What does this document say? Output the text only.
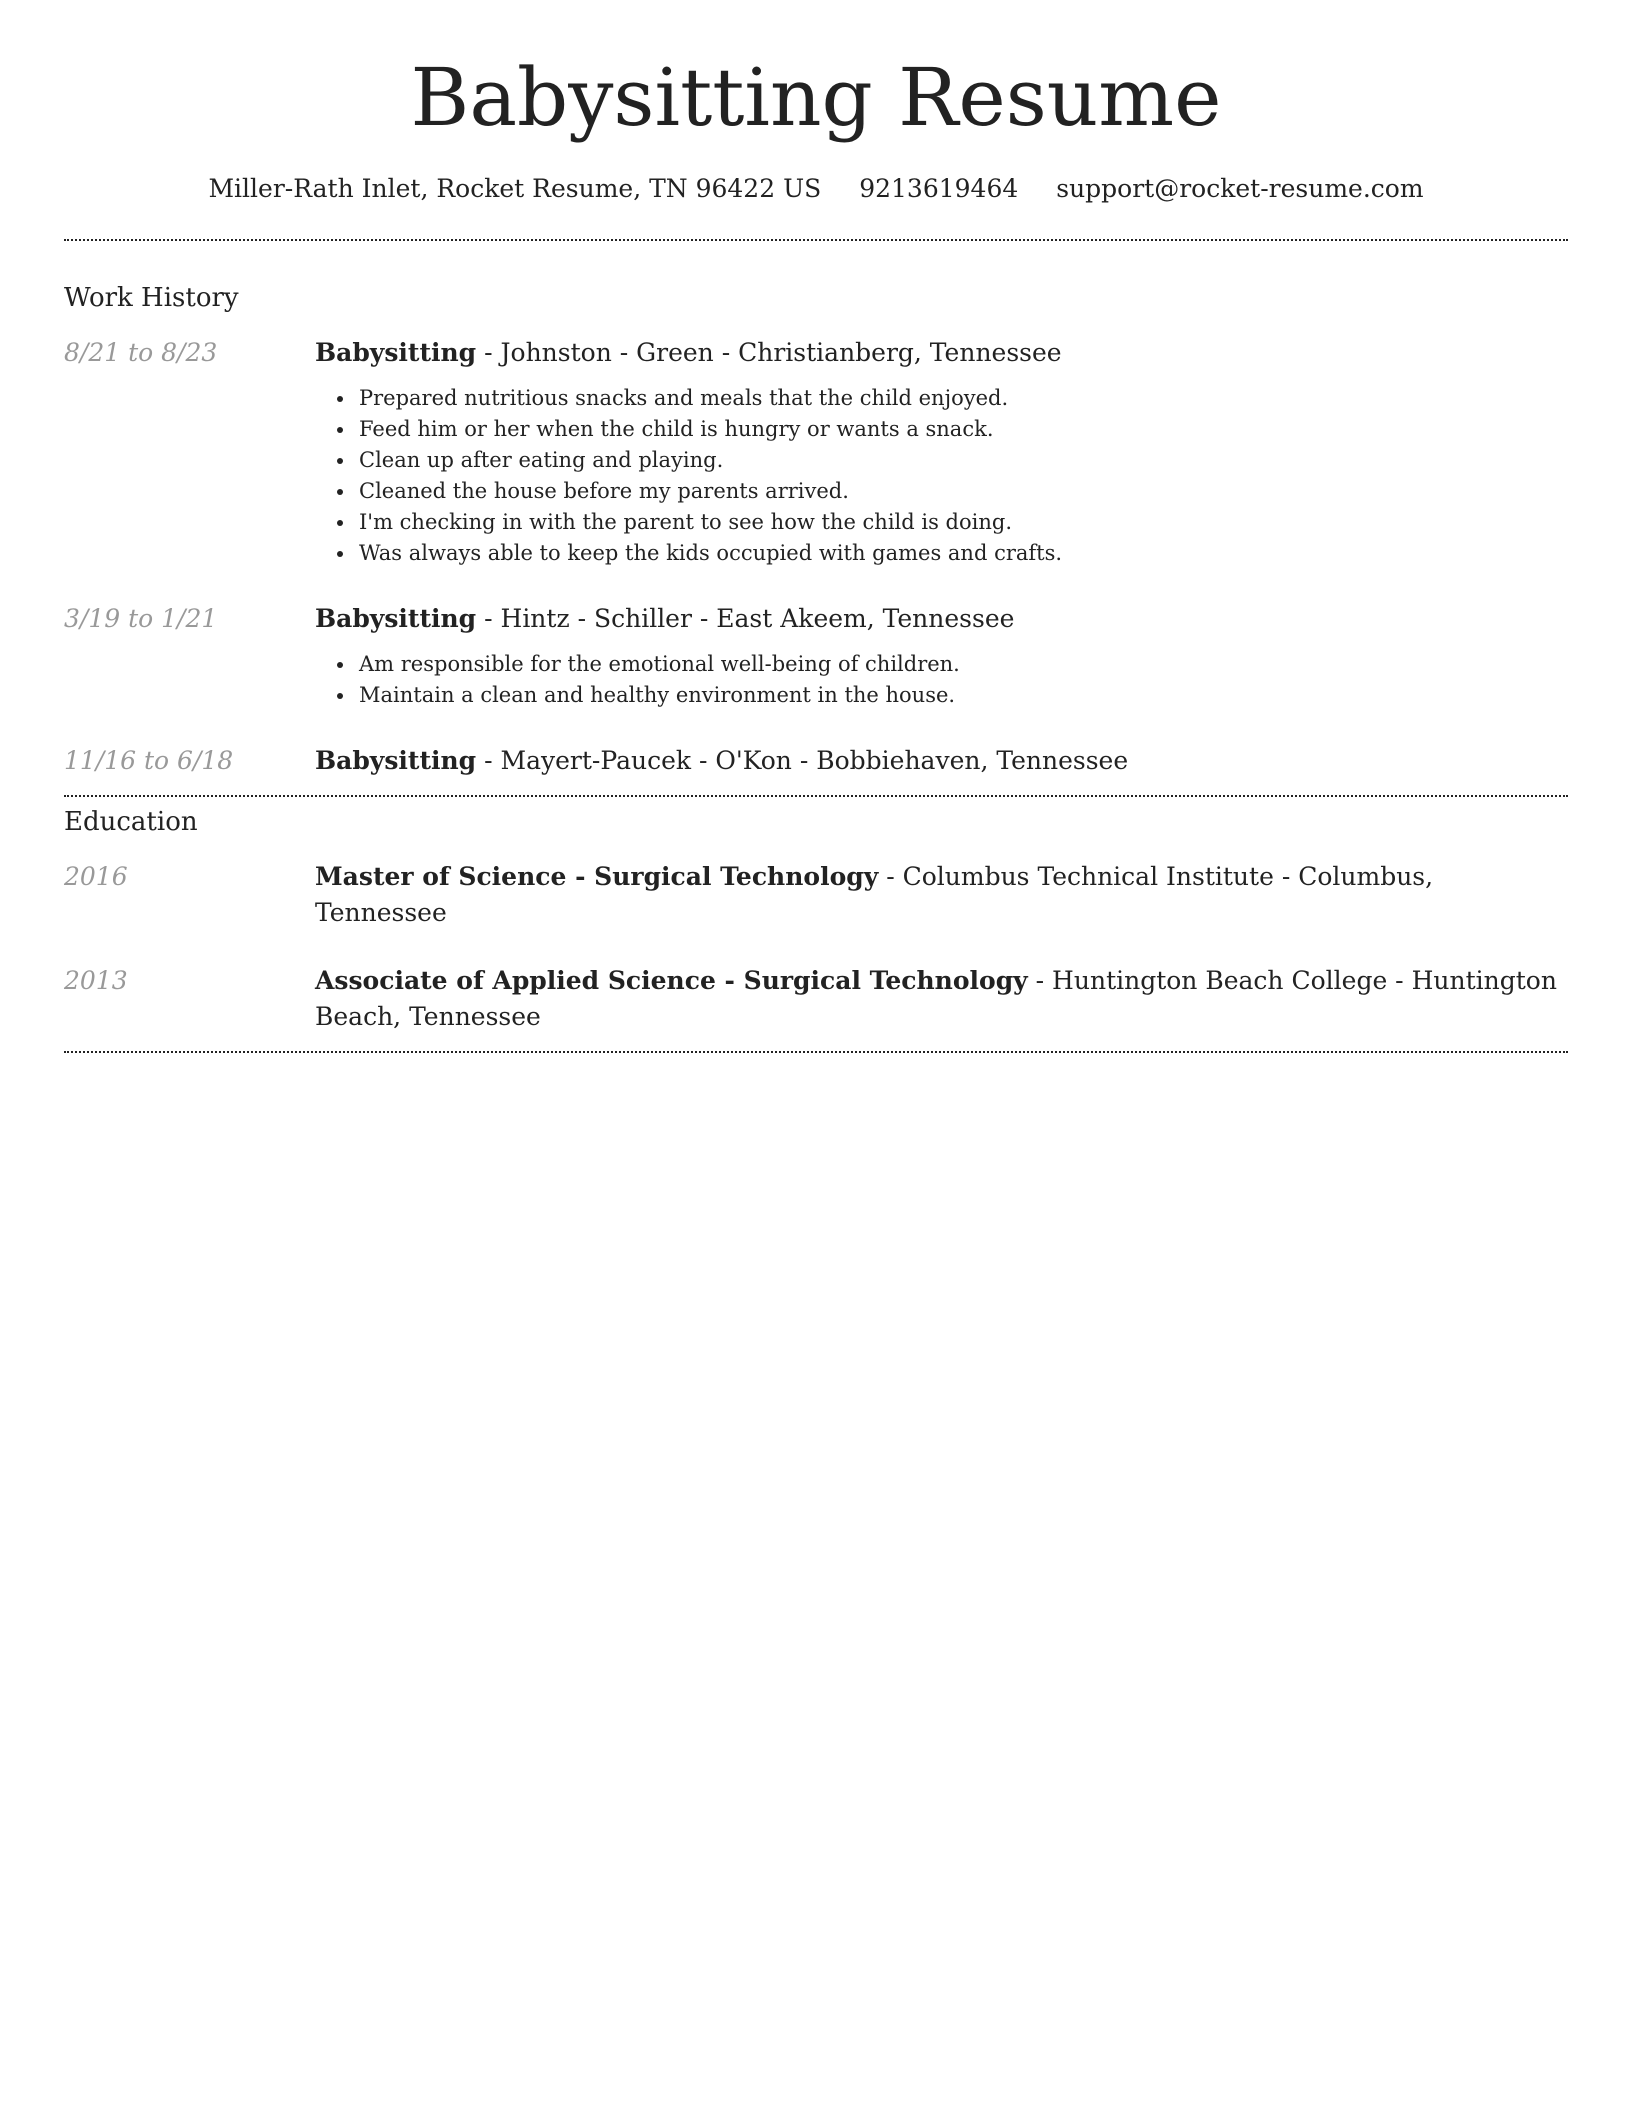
Babysitting Resume
Miller-Rath Inlet, Rocket Resume, TN 96422 US 9213619464 support@rocket-resume.com
Work History
8/21 to 8/23	Babysitting - Johnston - Green - Christianberg, Tennessee
Prepared nutritious snacks and meals that the child enjoyed.
Feed him or her when the child is hungry or wants a snack.
Clean up after eating and playing.
Cleaned the house before my parents arrived.
I'm checking in with the parent to see how the child is doing.
Was always able to keep the kids occupied with games and crafts.
3/19 to 1/21	Babysitting - Hintz - Schiller - East Akeem, Tennessee
Am responsible for the emotional well-being of children.
Maintain a clean and healthy environment in the house.
11/16 to 6/18	Babysitting - Mayert-Paucek - O'Kon - Bobbiehaven, Tennessee
Education
2016	Master of Science - Surgical Technology - Columbus Technical Institute - Columbus, Tennessee
2013	Associate of Applied Science - Surgical Technology - Huntington Beach College - Huntington Beach, Tennessee
